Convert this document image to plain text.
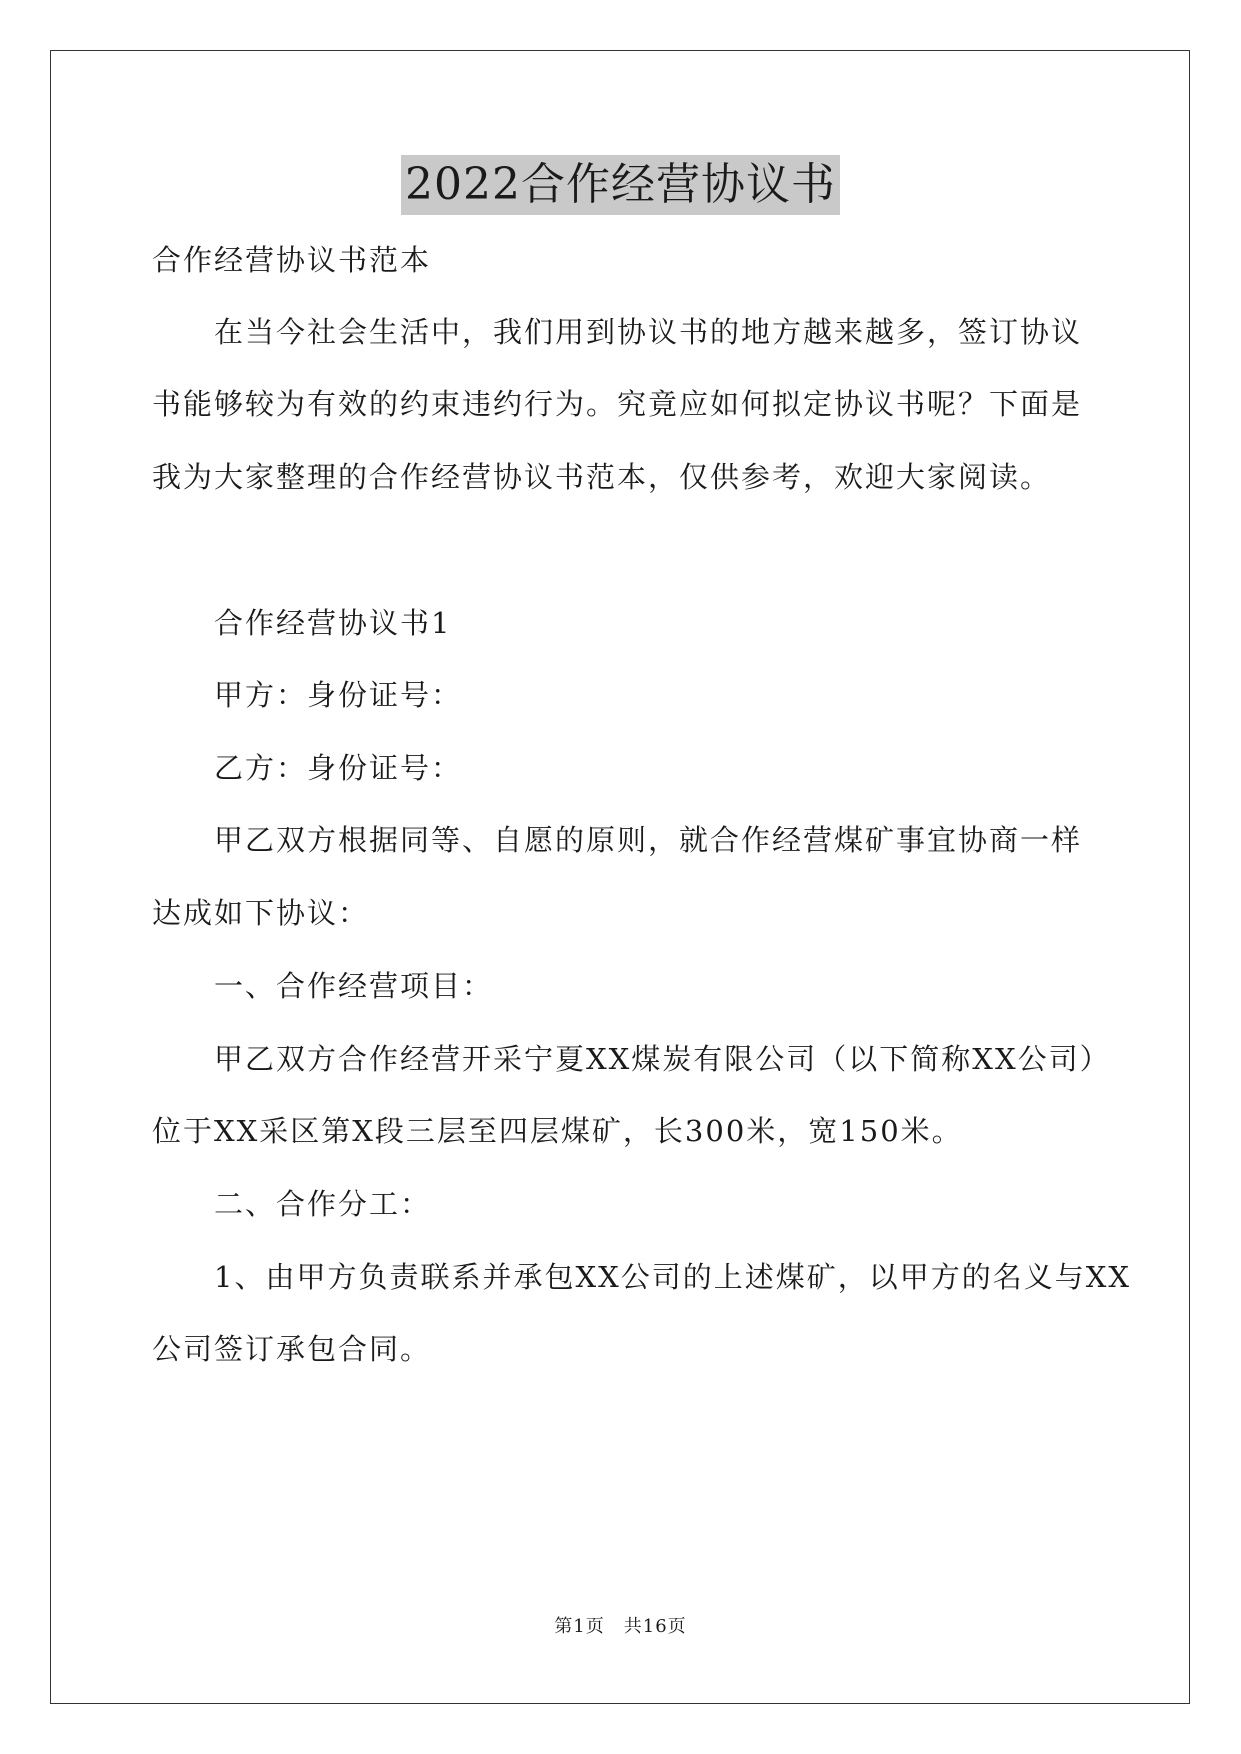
2022合作经营协议书
合作经营协议书范本
在当今社会生活中，我们用到协议书的地方越来越多，签订协议
书能够较为有效的约束违约行为。究竟应如何拟定协议书呢？下面是
我为大家整理的合作经营协议书范本，仅供参考，欢迎大家阅读。
合作经营协议书1
甲方：身份证号：
乙方：身份证号：
甲乙双方根据同等、自愿的原则，就合作经营煤矿事宜协商一样
达成如下协议：
一、合作经营项目：
甲乙双方合作经营开采宁夏XX煤炭有限公司（以下简称XX公司）
位于XX采区第X段三层至四层煤矿，长300米，宽150米。
二、合作分工：
1、由甲方负责联系并承包XX公司的上述煤矿，以甲方的名义与XX
公司签订承包合同。
第1页　共16页
